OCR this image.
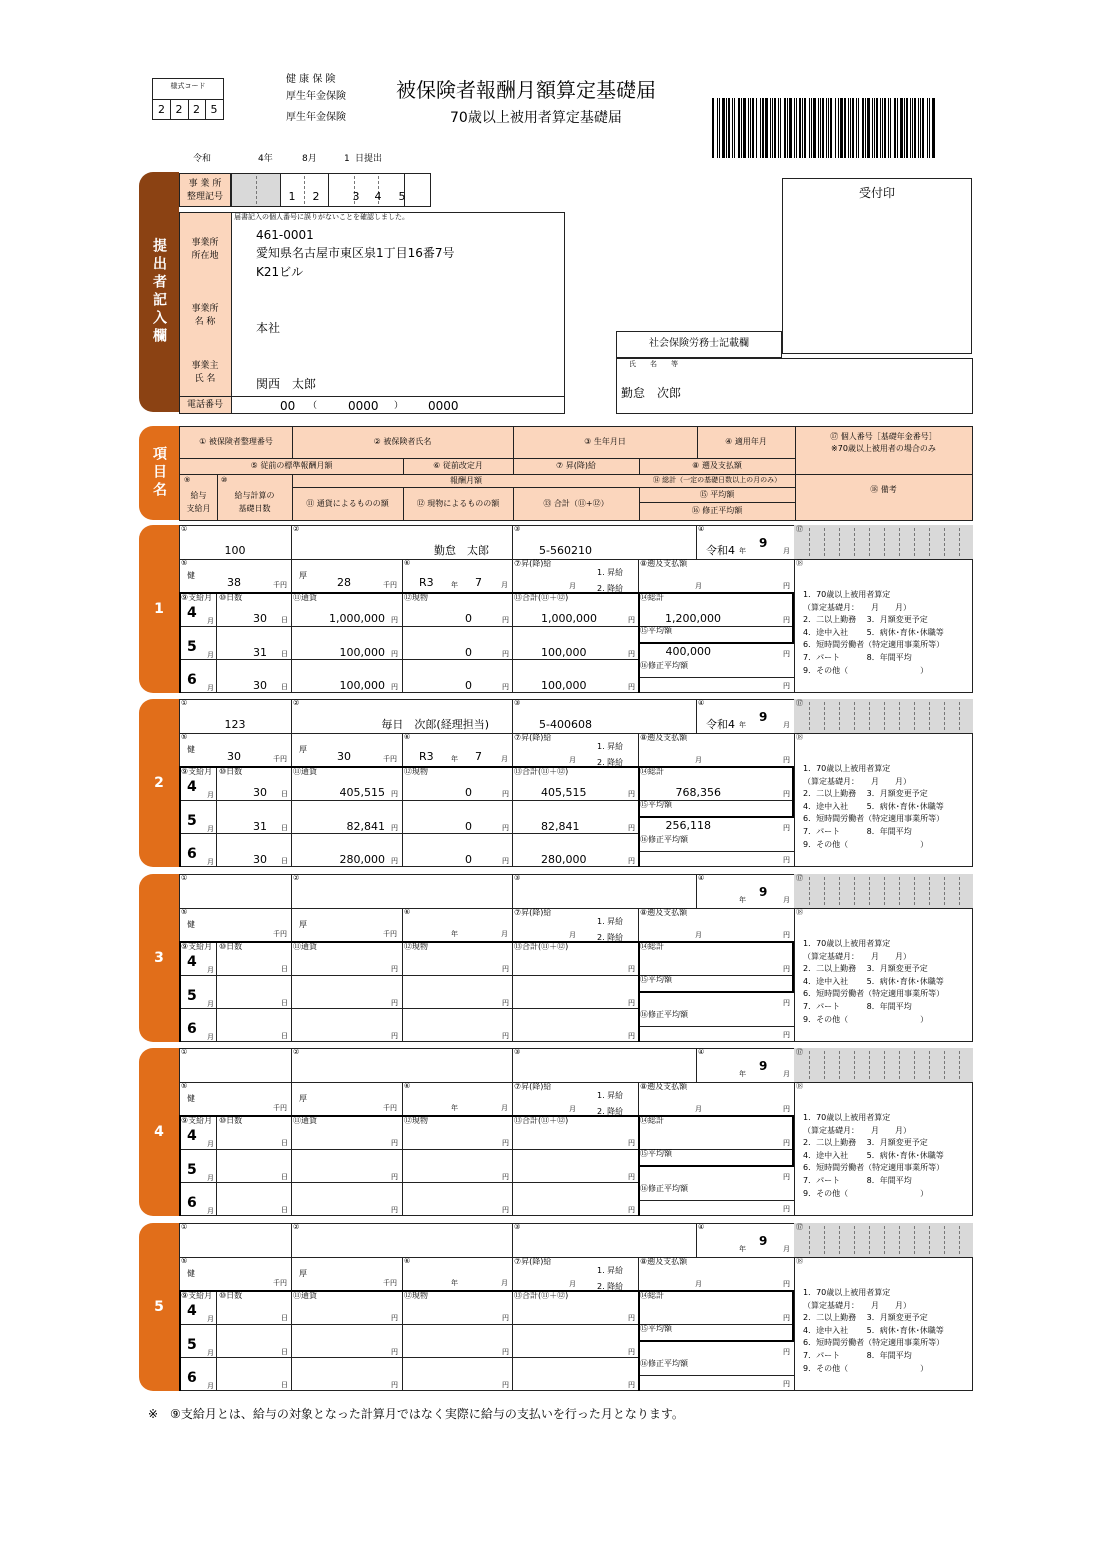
様式コード
2 2 2 5
健 康 保 険
厚生年金保険
厚生年金保険
被保険者報酬月額算定基礎届
70歳以上被用者算定基礎届
令和	4年	8月	1 日提出
提出者記入欄
事 業 所
整理記号	1	2	3	4	5
届書記入の個人番号に誤りがないことを確認しました。
事業所
所在地
461-0001
愛知県名古屋市東区泉1丁目16番7号
K21ビル
事業所
名 称	本社
事業主
氏 名	関西　太郎
電話番号	00 （	0000 ） 0000
受付印
社会保険労務士記載欄
氏　　名　　等
勤怠　次郎
項目名
① 被保険者整理番号	② 被保険者氏名	③ 生年月日	④ 適用年月
⑰ 個人番号［基礎年金番号］
※70歳以上被用者の場合のみ
⑤ 従前の標準報酬月額	⑥ 従前改定月	⑦ 昇(降)給	⑧ 遡及支払額
⑨	⑩
給与
支給月
給与計算の
基礎日数
報酬月額	⑭ 総計（一定の基礎日数以上の月のみ）
⑮ 平均額
⑯ 修正平均額
⑪ 通貨によるものの額	⑫ 現物によるものの額	⑬ 合計（⑪+⑫）
⑱ 備考
1
①	②	③	④	⑰
100	勤怠　太郎	5-560210	令和4 年
9
月
⑤
健
38	千円
厚
28	千円
⑥
R3 年 7	月
⑦昇(降)給
1. 昇給
2. 降給
月
⑧遡及支払額
月	円
⑱
1．70歳以上被用者算定
（算定基礎月：　　月　　月）
2．二以上勤務　 3．月額変更予定
4．途中入社　　 5．病休･育休･休職等
6．短時間労働者（特定適用事業所等）
7．パート　　　 8．年間平均
9．その他（　　　　　　　　　）
⑨支給月 ⑩日数	⑪通貨	⑫現物	⑬合計(⑪＋⑫)	⑭総計
⑮平均額
⑯修正平均額
4 月	30 日	1,000,000 円	0	円	1,000,000	円
5 月	31 日	100,000 円	0	円	100,000	円
6 月	30 日	100,000 円	0	円	100,000	円
1,200,000	円
400,000	円
円
2
①	②	③	④	⑰
123	毎日　次郎(経理担当)	5-400608	令和4 年
9
月
⑤
健
30	千円
厚
30	千円
⑥
R3 年 7	月
⑦昇(降)給
1. 昇給
2. 降給
月
⑧遡及支払額
月	円
⑱
1．70歳以上被用者算定
（算定基礎月：　　月　　月）
2．二以上勤務　 3．月額変更予定
4．途中入社　　 5．病休･育休･休職等
6．短時間労働者（特定適用事業所等）
7．パート　　　 8．年間平均
9．その他（　　　　　　　　　）
⑨支給月 ⑩日数	⑪通貨	⑫現物	⑬合計(⑪＋⑫)	⑭総計
⑮平均額
⑯修正平均額
4 月	30 日	405,515 円	0	円	405,515	円
5 月	31 日	82,841 円	0	円	82,841	円
6 月	30 日	280,000 円	0	円	280,000	円
768,356	円
256,118	円
円
3
①	②	③	④	⑰
年
9
月
⑤
健
千円
厚
千円
⑥
年	月
⑦昇(降)給
1. 昇給
2. 降給
月
⑧遡及支払額
月	円
⑱
1．70歳以上被用者算定
（算定基礎月：　　月　　月）
2．二以上勤務　 3．月額変更予定
4．途中入社　　 5．病休･育休･休職等
6．短時間労働者（特定適用事業所等）
7．パート　　　 8．年間平均
9．その他（　　　　　　　　　）
⑨支給月 ⑩日数	⑪通貨	⑫現物	⑬合計(⑪＋⑫)	⑭総計
⑮平均額
⑯修正平均額
4 月	日	円	円	円
5 月	日	円	円	円
6 月	日	円	円	円
円
円
円
4
①	②	③	④	⑰
年
9
月
⑤
健
千円
厚
千円
⑥
年	月
⑦昇(降)給
1. 昇給
2. 降給
月
⑧遡及支払額
月	円
⑱
1．70歳以上被用者算定
（算定基礎月：　　月　　月）
2．二以上勤務　 3．月額変更予定
4．途中入社　　 5．病休･育休･休職等
6．短時間労働者（特定適用事業所等）
7．パート　　　 8．年間平均
9．その他（　　　　　　　　　）
⑨支給月 ⑩日数	⑪通貨	⑫現物	⑬合計(⑪＋⑫)	⑭総計
⑮平均額
⑯修正平均額
4 月	日	円	円	円
5 月	日	円	円	円
6 月	日	円	円	円
円
円
円
5
①	②	③	④	⑰
年
9
月
⑤
健
千円
厚
千円
⑥
年	月
⑦昇(降)給
1. 昇給
2. 降給
月
⑧遡及支払額
月	円
⑱
1．70歳以上被用者算定
（算定基礎月：　　月　　月）
2．二以上勤務　 3．月額変更予定
4．途中入社　　 5．病休･育休･休職等
6．短時間労働者（特定適用事業所等）
7．パート　　　 8．年間平均
9．その他（　　　　　　　　　）
⑨支給月 ⑩日数	⑪通貨	⑫現物	⑬合計(⑪＋⑫)	⑭総計
⑮平均額
⑯修正平均額
4 月	日	円	円	円
5 月	日	円	円	円
6 月	日	円	円	円
円
円
円
※　⑨支給月とは、給与の対象となった計算月ではなく実際に給与の支払いを行った月となります。
